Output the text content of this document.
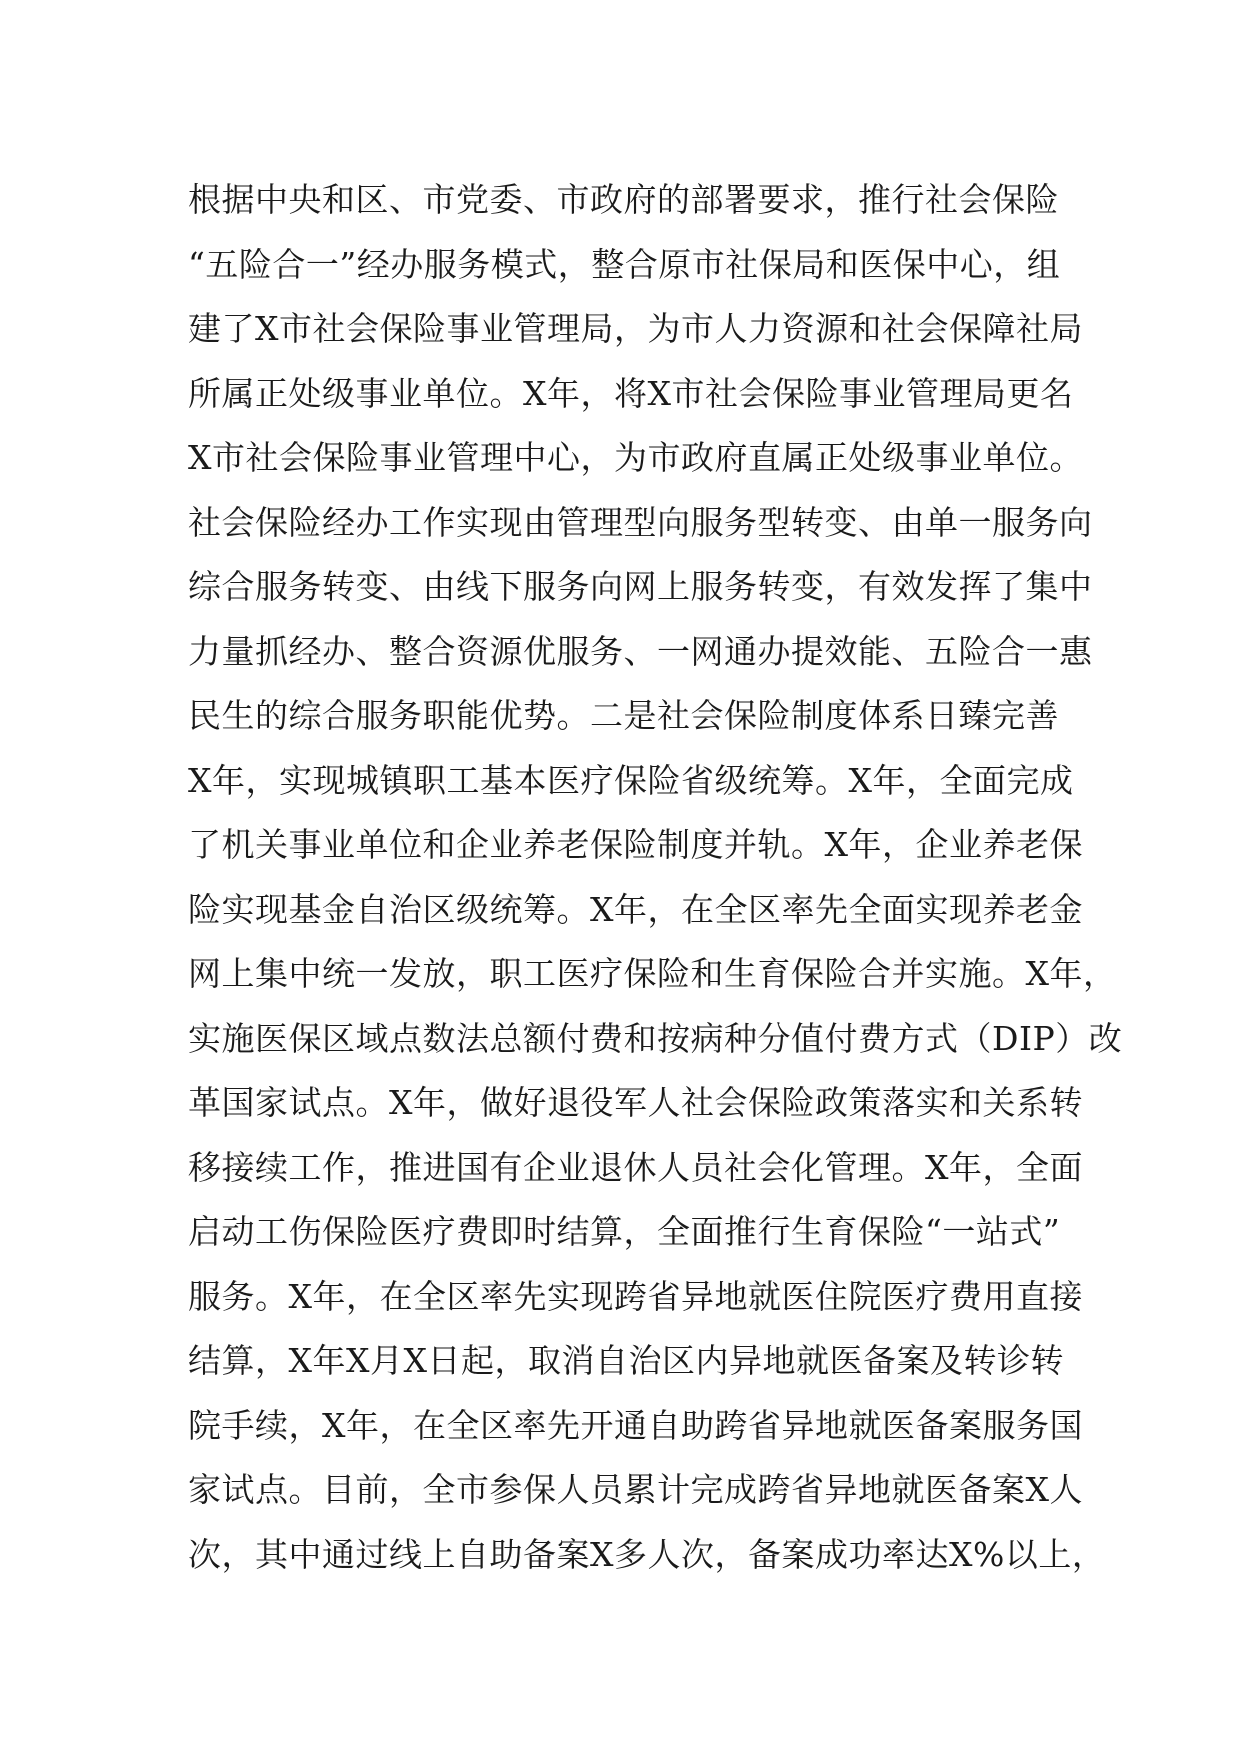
根据中央和区、市党委、市政府的部署要求，推行社会保险
“五险合一”经办服务模式，整合原市社保局和医保中心，组
建了X市社会保险事业管理局，为市人力资源和社会保障社局
所属正处级事业单位。X年，将X市社会保险事业管理局更名
X市社会保险事业管理中心，为市政府直属正处级事业单位。
社会保险经办工作实现由管理型向服务型转变、由单一服务向
综合服务转变、由线下服务向网上服务转变，有效发挥了集中
力量抓经办、整合资源优服务、一网通办提效能、五险合一惠
民生的综合服务职能优势。二是社会保险制度体系日臻完善
X年，实现城镇职工基本医疗保险省级统筹。X年，全面完成
了机关事业单位和企业养老保险制度并轨。X年，企业养老保
险实现基金自治区级统筹。X年，在全区率先全面实现养老金
网上集中统一发放，职工医疗保险和生育保险合并实施。X年，
实施医保区域点数法总额付费和按病种分值付费方式（DIP）改
革国家试点。X年，做好退役军人社会保险政策落实和关系转
移接续工作，推进国有企业退休人员社会化管理。X年，全面
启动工伤保险医疗费即时结算，全面推行生育保险“一站式”
服务。X年，在全区率先实现跨省异地就医住院医疗费用直接
结算，X年X月X日起，取消自治区内异地就医备案及转诊转
院手续，X年，在全区率先开通自助跨省异地就医备案服务国
家试点。目前，全市参保人员累计完成跨省异地就医备案X人
次，其中通过线上自助备案X多人次，备案成功率达X%以上，
